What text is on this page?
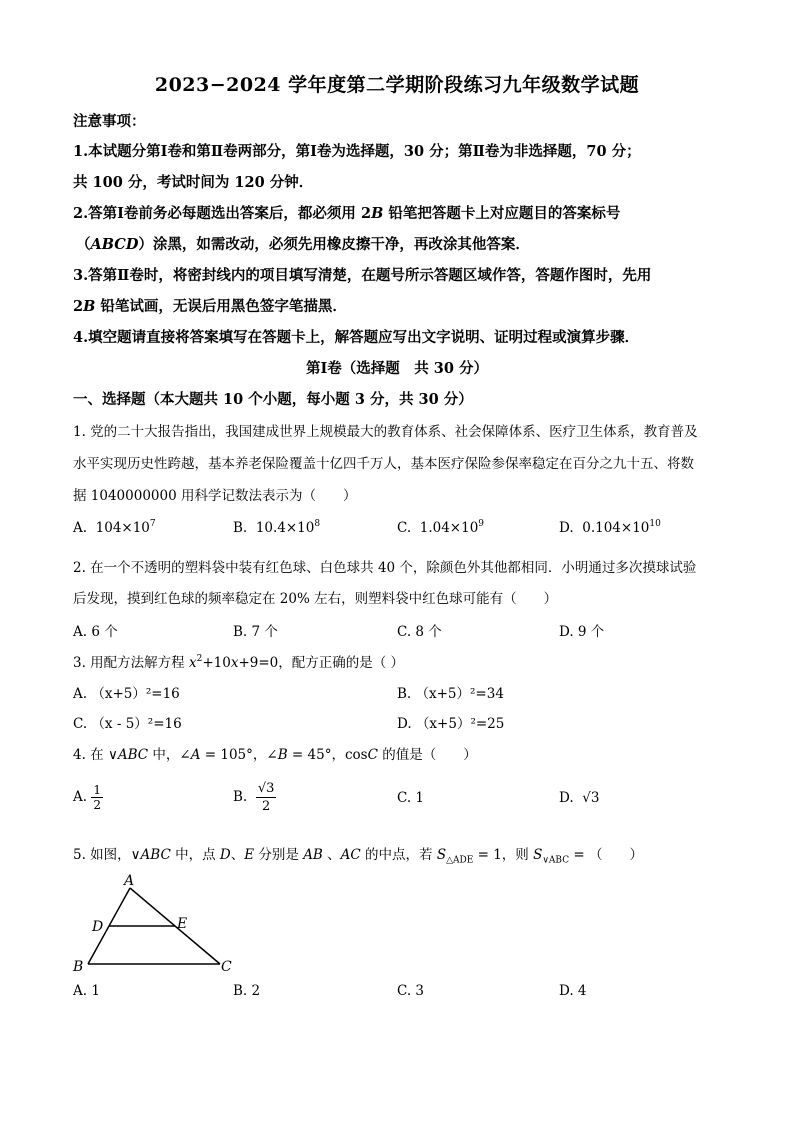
2023−2024 学年度第二学期阶段练习九年级数学试题
注意事项：
1.本试题分第Ⅰ卷和第Ⅱ卷两部分，第Ⅰ卷为选择题，30 分；第Ⅱ卷为非选择题，70 分；
共 100 分，考试时间为 120 分钟．
2.答第Ⅰ卷前务必每题选出答案后，都必须用 2B 铅笔把答题卡上对应题目的答案标号
（ABCD）涂黑，如需改动，必须先用橡皮擦干净，再改涂其他答案．
3.答第Ⅱ卷时，将密封线内的项目填写清楚，在题号所示答题区域作答，答题作图时，先用
2B 铅笔试画，无误后用黑色签字笔描黑．
4.填空题请直接将答案填写在答题卡上，解答题应写出文字说明、证明过程或演算步骤．
第Ⅰ卷（选择题　共 30 分）
一、选择题（本大题共 10 个小题，每小题 3 分，共 30 分）
1. 党的二十大报告指出，我国建成世界上规模最大的教育体系、社会保障体系、医疗卫生体系，教育普及
水平实现历史性跨越，基本养老保险覆盖十亿四千万人，基本医疗保险参保率稳定在百分之九十五、将数
据 1040000000 用科学记数法表示为（　　）
A. $104\times 10^7$	B. $10.4\times 10^8$	C. $1.04\times 10^9$	D. $0.104\times 10^{10}$
2. 在一个不透明的塑料袋中装有红色球、白色球共 40 个，除颜色外其他都相同．小明通过多次摸球试验
后发现，摸到红色球的频率稳定在 20% 左右，则塑料袋中红色球可能有（　　）
A. 6 个	B. 7 个	C. 8 个	D. 9 个
3. 用配方法解方程 $x^2+10x+9=0$，配方正确的是（ ）
A. （x+5）²=16	B. （x+5）²=34
C. （x - 5）²=16	D. （x+5）²=25
4. 在 ∨ABC 中，∠A = 105°，∠B = 45°，cosC 的值是（　　）
A. $\frac{1}{2}$	B. $\frac{√3}{2}$	C. 1	D. √3
5. 如图，∨ABC 中，点 D、E 分别是 AB 、AC 的中点，若 $S_{\triangle ADE} = 1$，则 $S_{\vee ABC}$ = （　　）
A
D	E
B	C
A. 1	B. 2	C. 3	D. 4
